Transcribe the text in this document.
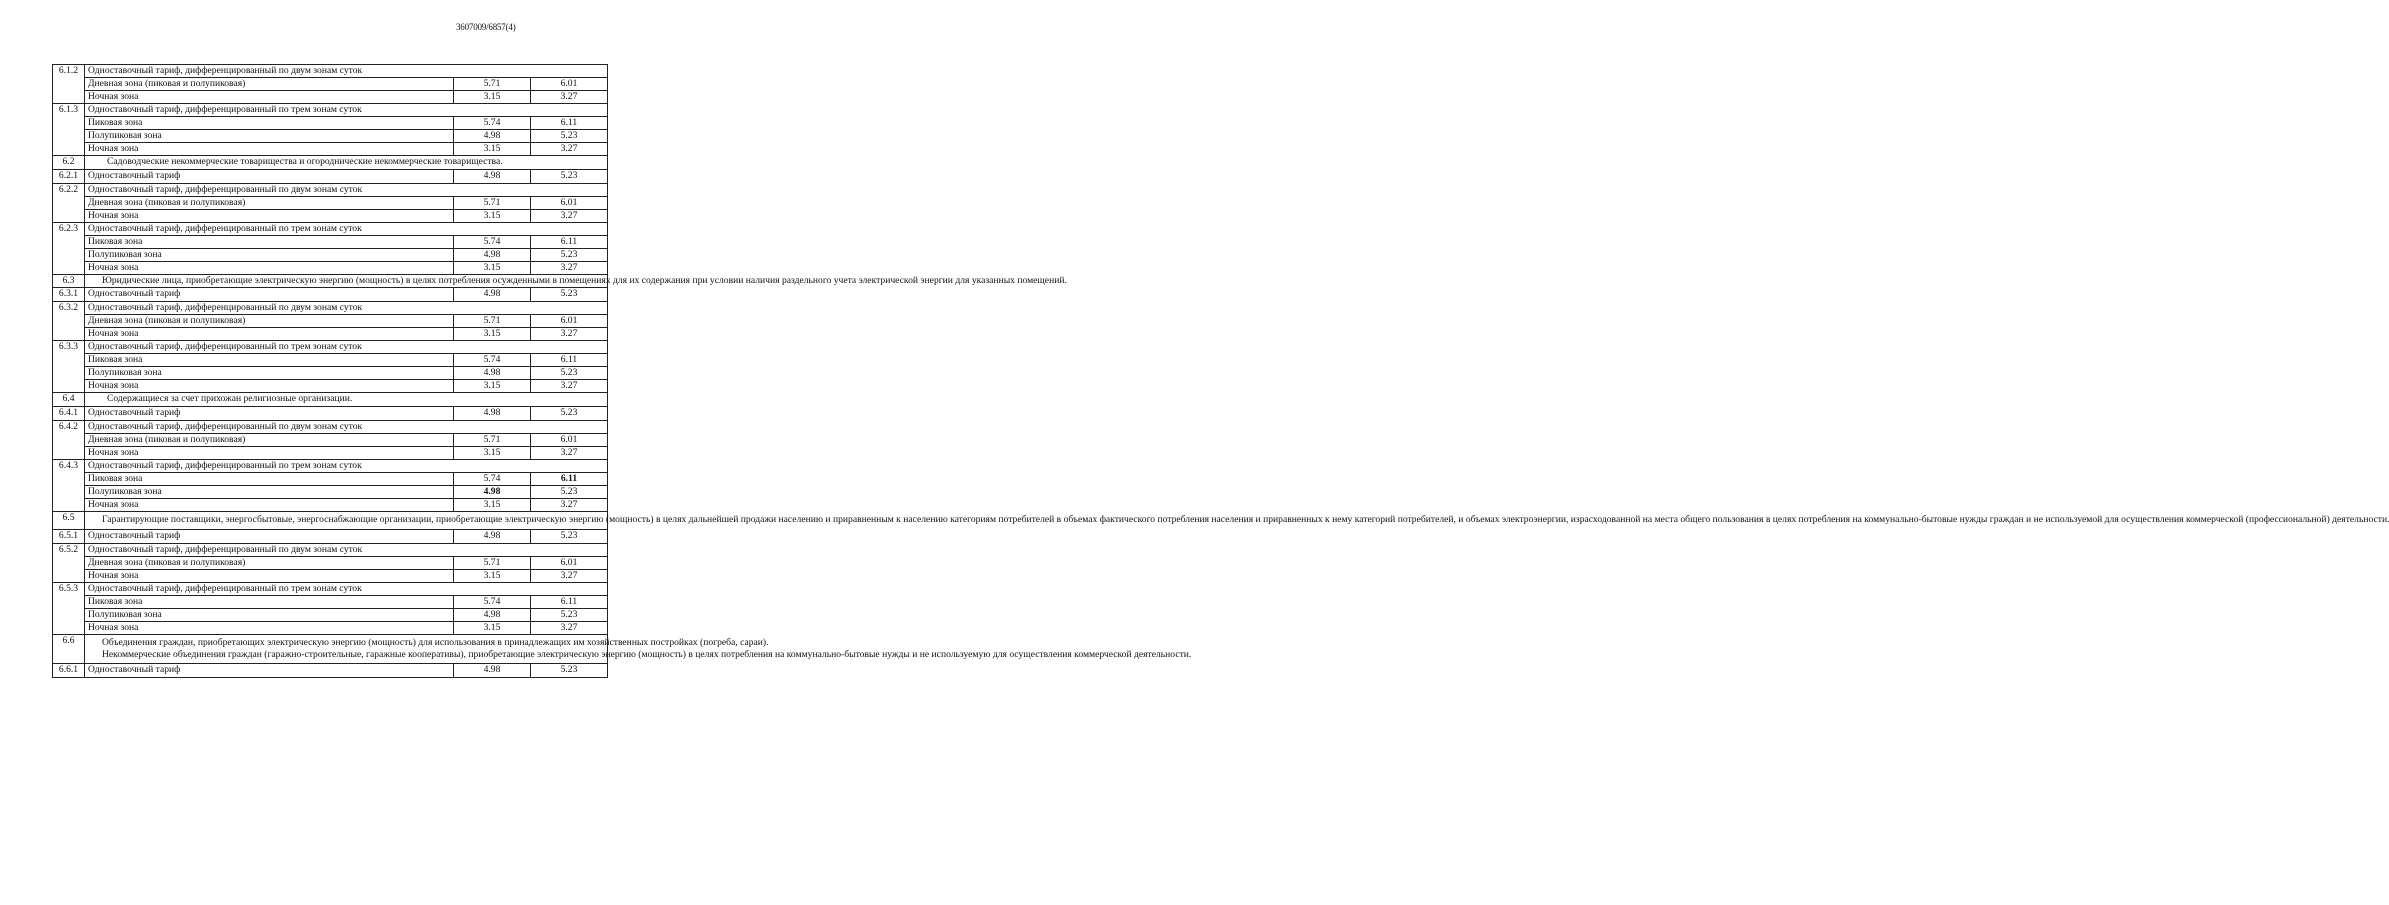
3607009/6857(4)
6.1.2	Одноставочный тариф, дифференцированный по двум зонам суток		
	Дневная зона (пиковая и полупиковая)	5.71	6.01
	Ночная зона	3.15	3.27
6.1.3	Одноставочный тариф, дифференцированный по трем зонам суток		
	Пиковая зона	5.74	6.11
	Полупиковая зона	4.98	5.23
	Ночная зона	3.15	3.27
6.2	Садоводческие некоммерческие товарищества и огороднические некоммерческие товарищества.		
6.2.1	Одноставочный тариф	4.98	5.23
6.2.2	Одноставочный тариф, дифференцированный по двум зонам суток		
	Дневная зона (пиковая и полупиковая)	5.71	6.01
	Ночная зона	3.15	3.27
6.2.3	Одноставочный тариф, дифференцированный по трем зонам суток		
	Пиковая зона	5.74	6.11
	Полупиковая зона	4.98	5.23
	Ночная зона	3.15	3.27
6.3	Юридические лица, приобретающие электрическую энергию (мощность) в целях потребления осужденными в помещениях для их содержания при условии наличия раздельного учета электрической энергии для указанных помещений.		

6.3.1	Одноставочный тариф	4.98	5.23
6.3.2	Одноставочный тариф, дифференцированный по двум зонам суток		
	Дневная зона (пиковая и полупиковая)	5.71	6.01
	Ночная зона	3.15	3.27
6.3.3	Одноставочный тариф, дифференцированный по трем зонам суток		
	Пиковая зона	5.74	6.11
	Полупиковая зона	4.98	5.23
	Ночная зона	3.15	3.27
6.4	Содержащиеся за счет прихожан религиозные организации.		
6.4.1	Одноставочный тариф	4.98	5.23
6.4.2	Одноставочный тариф, дифференцированный по двум зонам суток		
	Дневная зона (пиковая и полупиковая)	5.71	6.01
	Ночная зона	3.15	3.27
6.4.3	Одноставочный тариф, дифференцированный по трем зонам суток		
	Пиковая зона	5.74	6.11
	Полупиковая зона	4.98	5.23
	Ночная зона	3.15	3.27
6.5	Гарантирующие поставщики, энергосбытовые, энергоснабжающие организации, приобретающие электрическую энергию (мощность) в целях дальнейшей продажи населению и приравненным к населению категориям потребителей в объемах фактического потребления населения и приравненных к нему категорий потребителей, и объемах электроэнергии, израсходованной на места общего пользования в целях потребления на коммунально-бытовые нужды граждан и не используемой для осуществления коммерческой (профессиональной) деятельности.		

6.5.1	Одноставочный тариф	4.98	5.23
6.5.2	Одноставочный тариф, дифференцированный по двум зонам суток		
	Дневная зона (пиковая и полупиковая)	5.71	6.01
	Ночная зона	3.15	3.27
6.5.3	Одноставочный тариф, дифференцированный по трем зонам суток		
	Пиковая зона	5.74	6.11
	Полупиковая зона	4.98	5.23
	Ночная зона	3.15	3.27
6.6	Объединения граждан, приобретающих электрическую энергию (мощность) для использования в принадлежащих им хозяйственных постройках (погреба, сараи).

Некоммерческие объединения граждан (гаражно-строительные, гаражные кооперативы), приобретающие электрическую энергию (мощность) в целях потребления на коммунально-бытовые нужды и не используемую для осуществления коммерческой деятельности.		

6.6.1	Одноставочный тариф	4.98	5.23
